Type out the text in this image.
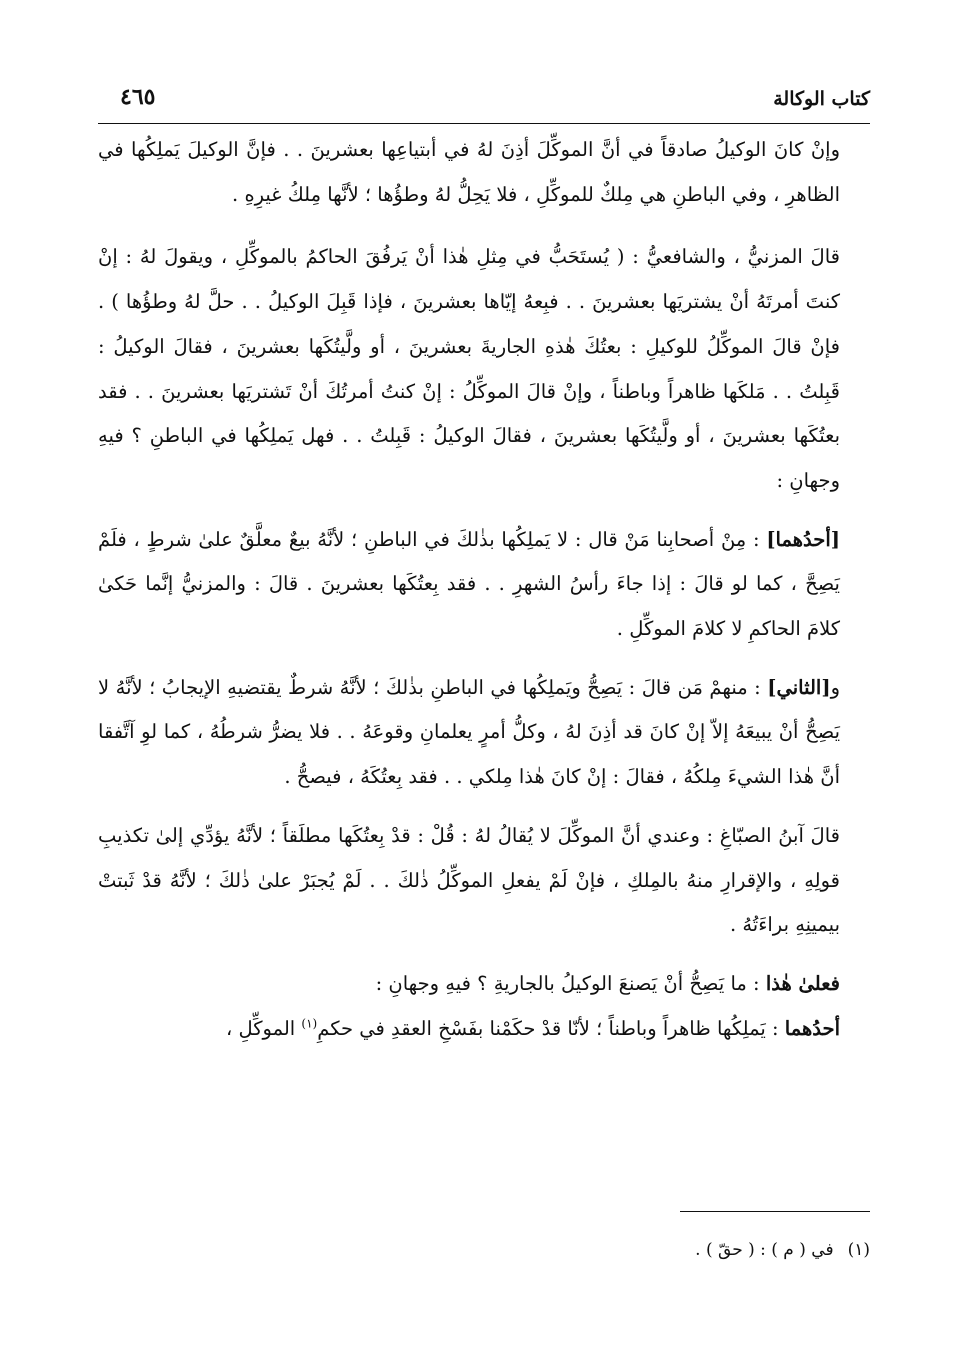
كتاب الوكالة
٤٦٥

وإنْ كانَ الوكيلُ صادقاً في أنَّ الموكِّلَ أذِنَ لهُ في أبتياعِها بعشرينَ . . فإنَّ الوكيلَ يَملِكُها في الظاهرِ ، وفي الباطنِ هي مِلكٌ للموكِّلِ ، فلا يَحِلُّ لهُ وطؤُها ؛ لأنَّها مِلكُ غيرِهِ .

قالَ المزنيُّ ، والشافعيُّ : ( يُستَحَبُّ في مِثلِ هٰذا أنْ يَرفُقَ الحاكمُ بالموكِّلِ ، ويقولَ لهُ : إنْ كنتَ أمرتَهُ أنْ يشتريَها بعشرينَ . . فبِعهُ إيّاها بعشرينَ ، فإذا قَبِلَ الوكيلُ . . حلَّ لهُ وطؤُها ) . فإنْ قالَ الموكِّلُ للوكيلِ : بعتُكَ هٰذهِ الجاريةَ بعشرينَ ، أو ولَّيتُكَها بعشرينَ ، فقالَ الوكيلُ : قَبِلتُ . . مَلكَها ظاهراً وباطناً ، وإنْ قالَ الموكِّلُ : إنْ كنتُ أمرتُكَ أنْ تَشتريَها بعشرينَ . . فقد بعتُكَها بعشرينَ ، أو ولَّيتُكَها بعشرينَ ، فقالَ الوكيلُ : قَبِلتُ . . فهل يَملِكُها في الباطنِ ؟ فيهِ وجهانِ :

[أحدُهما] : مِنْ أصحابِنا مَنْ قال : لا يَملِكُها بذٰلكَ في الباطنِ ؛ لأنَّهُ بيعٌ معلَّقٌ علىٰ شرطٍ ، فلَمْ يَصِحَّ ، كما لو قالَ : إذا جاءَ رأسُ الشهرِ . . فقد بِعتُكَها بعشرينَ . قالَ : والمزنيُّ إنَّما حَكىٰ كلامَ الحاكمِ لا كلامَ الموكِّلِ .

و[الثاني] : منهمْ مَن قالَ : يَصِحُّ ويَملِكُها في الباطنِ بذٰلكَ ؛ لأنَّهُ شرطٌ يقتضيهِ الإيجابُ ؛ لأنَّهُ لا يَصِحُّ أنْ يبيعَهُ إلاّ إنْ كانَ قد أذِنَ لهُ ، وكلُّ أمرٍ يعلمانِ وقوعَهُ . . فلا يضرُّ شرطُهُ ، كما لوِ آتَّفقا أنَّ هٰذا الشيءَ مِلكُهُ ، فقالَ : إنْ كانَ هٰذا مِلكي . . فقد بِعتُكَهُ ، فيصحُّ .

قالَ آبنُ الصبّاغِ : وعندي أنَّ الموكِّلَ لا يُقالُ لهُ : قُلْ : قدْ بِعتُكَها مطلَقاً ؛ لأنَّهُ يؤدِّي إلىٰ تكذيبِ قولِهِ ، والإقرارِ منهُ بالمِلكِ ، فإنْ لَمْ يفعلِ الموكِّلُ ذٰلكَ . . لَمْ يُجبَرْ علىٰ ذٰلكَ ؛ لأنَّهُ قدْ ثَبتتْ بيمينِهِ براءَتُهُ .

فعلىٰ هٰذا : ما يَصِحُّ أنْ يَصنعَ الوكيلُ بالجاريةِ ؟ فيهِ وجهانِ :

أحدُهما : يَملِكُها ظاهراً وباطناً ؛ لأنّا قدْ حكَمْنا بفَسْخِ العقدِ في حكمِ$^{(١)}$ الموكِّلِ ،

(١)في ( م ) : ( حقّ ) .
